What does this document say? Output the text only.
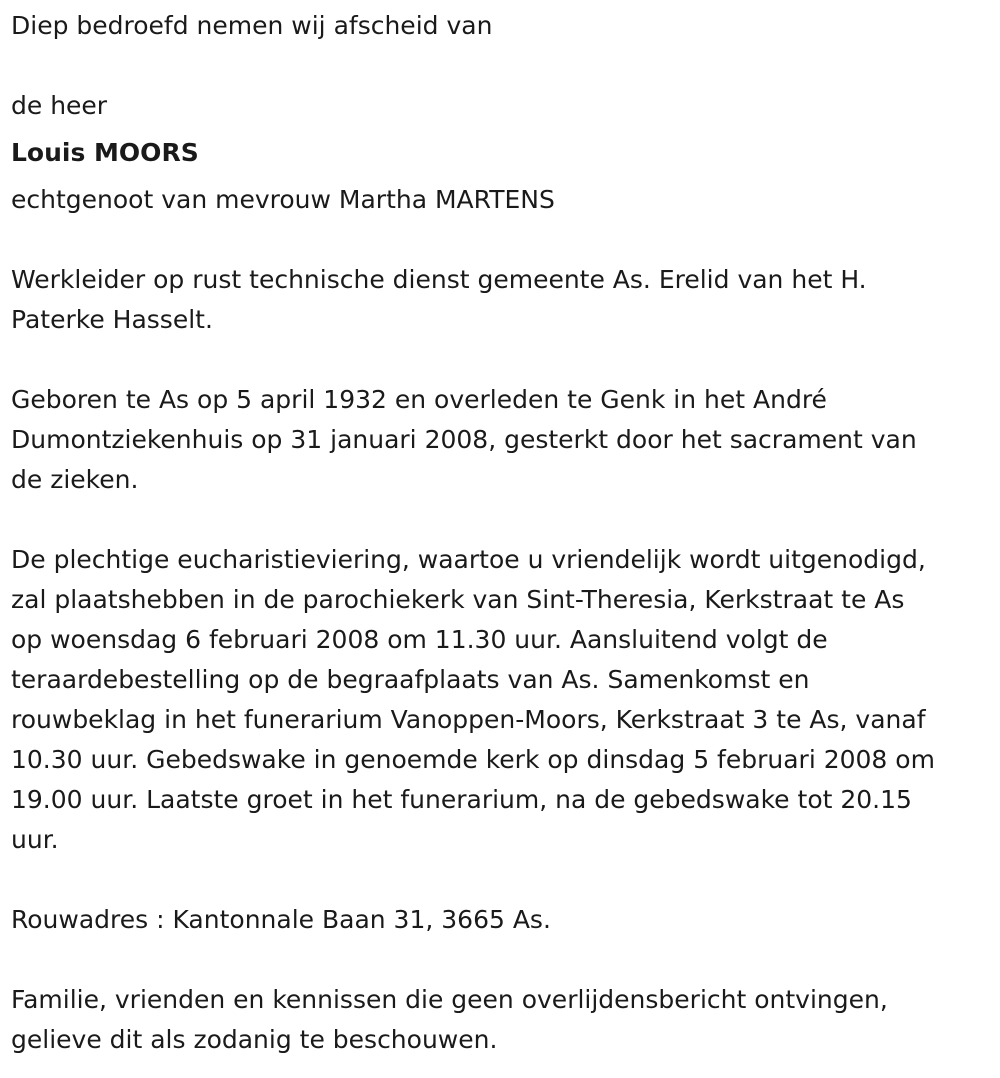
Diep bedroefd nemen wij afscheid van

de heer

Louis MOORS

echtgenoot van mevrouw Martha MARTENS

Werkleider op rust technische dienst gemeente As. Erelid van het H.
Paterke Hasselt.

Geboren te As op 5 april 1932 en overleden te Genk in het André
Dumontziekenhuis op 31 januari 2008, gesterkt door het sacrament van
de zieken.

De plechtige eucharistieviering, waartoe u vriendelijk wordt uitgenodigd,
zal plaatshebben in de parochiekerk van Sint-Theresia, Kerkstraat te As
op woensdag 6 februari 2008 om 11.30 uur. Aansluitend volgt de
teraardebestelling op de begraafplaats van As. Samenkomst en
rouwbeklag in het funerarium Vanoppen-Moors, Kerkstraat 3 te As, vanaf
10.30 uur. Gebedswake in genoemde kerk op dinsdag 5 februari 2008 om
19.00 uur. Laatste groet in het funerarium, na de gebedswake tot 20.15
uur.

Rouwadres : Kantonnale Baan 31, 3665 As.

Familie, vrienden en kennissen die geen overlijdensbericht ontvingen,
gelieve dit als zodanig te beschouwen.
